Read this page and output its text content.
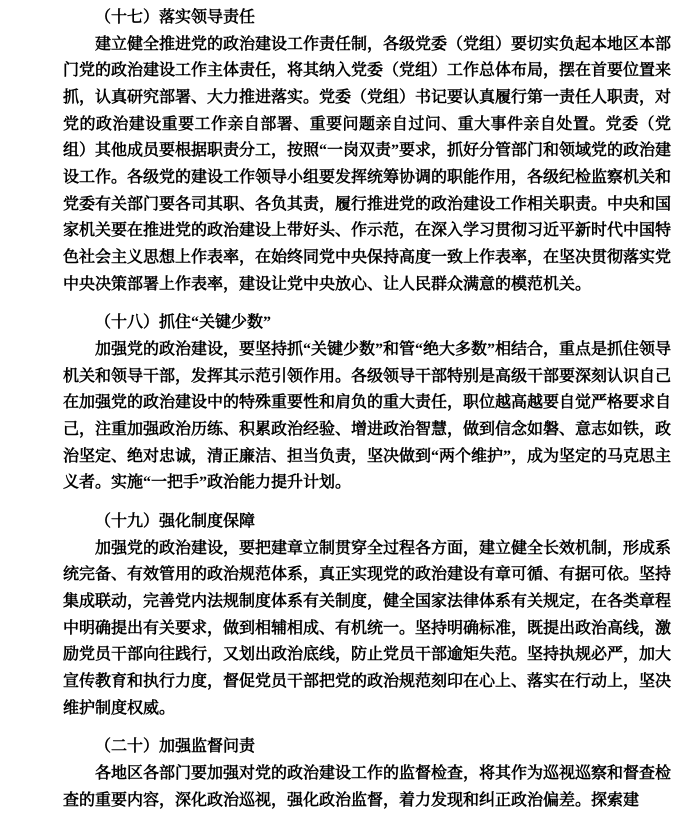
（十七）落实领导责任

建立健全推进党的政治建设工作责任制，各级党委（党组）要切实负起本地区本部门党的政治建设工作主体责任，将其纳入党委（党组）工作总体布局，摆在首要位置来抓，认真研究部署、大力推进落实。党委（党组）书记要认真履行第一责任人职责，对党的政治建设重要工作亲自部署、重要问题亲自过问、重大事件亲自处置。党委（党组）其他成员要根据职责分工，按照“一岗双责”要求，抓好分管部门和领域党的政治建设工作。各级党的建设工作领导小组要发挥统筹协调的职能作用，各级纪检监察机关和党委有关部门要各司其职、各负其责，履行推进党的政治建设工作相关职责。中央和国家机关要在推进党的政治建设上带好头、作示范，在深入学习贯彻习近平新时代中国特色社会主义思想上作表率，在始终同党中央保持高度一致上作表率，在坚决贯彻落实党中央决策部署上作表率，建设让党中央放心、让人民群众满意的模范机关。

（十八）抓住“关键少数”

加强党的政治建设，要坚持抓“关键少数”和管“绝大多数”相结合，重点是抓住领导机关和领导干部，发挥其示范引领作用。各级领导干部特别是高级干部要深刻认识自己在加强党的政治建设中的特殊重要性和肩负的重大责任，职位越高越要自觉严格要求自己，注重加强政治历练、积累政治经验、增进政治智慧，做到信念如磐、意志如铁，政治坚定、绝对忠诚，清正廉洁、担当负责，坚决做到“两个维护”，成为坚定的马克思主义者。实施“一把手”政治能力提升计划。

（十九）强化制度保障

加强党的政治建设，要把建章立制贯穿全过程各方面，建立健全长效机制，形成系统完备、有效管用的政治规范体系，真正实现党的政治建设有章可循、有据可依。坚持集成联动，完善党内法规制度体系有关制度，健全国家法律体系有关规定，在各类章程中明确提出有关要求，做到相辅相成、有机统一。坚持明确标准，既提出政治高线，激励党员干部向往践行，又划出政治底线，防止党员干部逾矩失范。坚持执规必严，加大宣传教育和执行力度，督促党员干部把党的政治规范刻印在心上、落实在行动上，坚决维护制度权威。

（二十）加强监督问责

各地区各部门要加强对党的政治建设工作的监督检查，将其作为巡视巡察和督查检查的重要内容，深化政治巡视，强化政治监督，着力发现和纠正政治偏差。探索建
